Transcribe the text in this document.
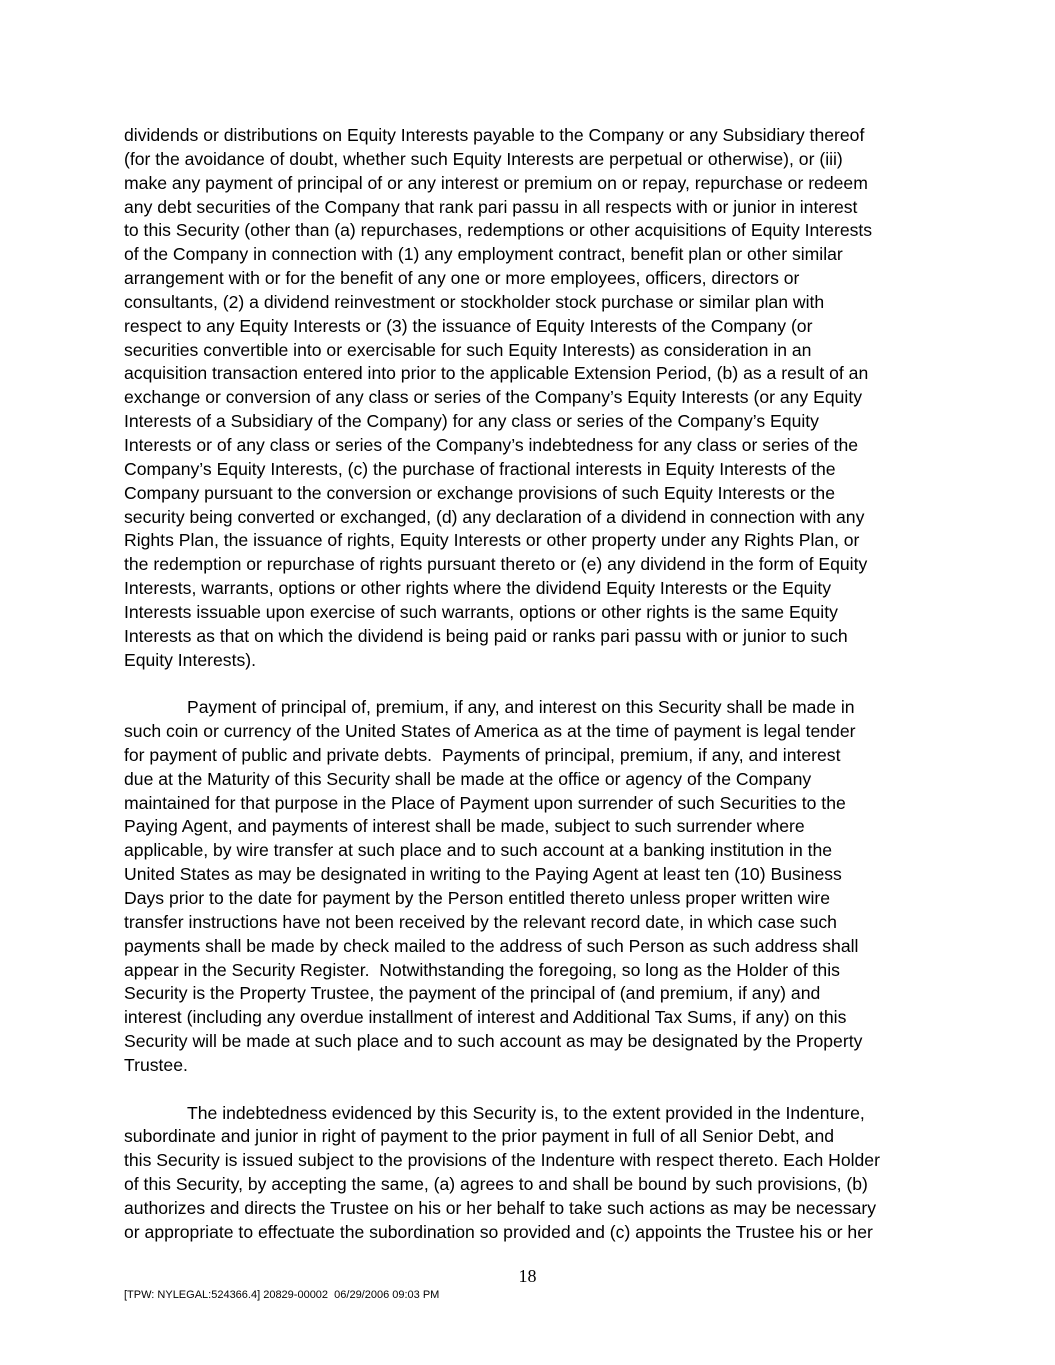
dividends or distributions on Equity Interests payable to the Company or any Subsidiary thereof
(for the avoidance of doubt, whether such Equity Interests are perpetual or otherwise), or (iii)
make any payment of principal of or any interest or premium on or repay, repurchase or redeem
any debt securities of the Company that rank pari passu in all respects with or junior in interest
to this Security (other than (a) repurchases, redemptions or other acquisitions of Equity Interests
of the Company in connection with (1) any employment contract, benefit plan or other similar
arrangement with or for the benefit of any one or more employees, officers, directors or
consultants, (2) a dividend reinvestment or stockholder stock purchase or similar plan with
respect to any Equity Interests or (3) the issuance of Equity Interests of the Company (or
securities convertible into or exercisable for such Equity Interests) as consideration in an
acquisition transaction entered into prior to the applicable Extension Period, (b) as a result of an
exchange or conversion of any class or series of the Company’s Equity Interests (or any Equity
Interests of a Subsidiary of the Company) for any class or series of the Company’s Equity
Interests or of any class or series of the Company’s indebtedness for any class or series of the
Company’s Equity Interests, (c) the purchase of fractional interests in Equity Interests of the
Company pursuant to the conversion or exchange provisions of such Equity Interests or the
security being converted or exchanged, (d) any declaration of a dividend in connection with any
Rights Plan, the issuance of rights, Equity Interests or other property under any Rights Plan, or
the redemption or repurchase of rights pursuant thereto or (e) any dividend in the form of Equity
Interests, warrants, options or other rights where the dividend Equity Interests or the Equity
Interests issuable upon exercise of such warrants, options or other rights is the same Equity
Interests as that on which the dividend is being paid or ranks pari passu with or junior to such
Equity Interests).

Payment of principal of, premium, if any, and interest on this Security shall be made in
such coin or currency of the United States of America as at the time of payment is legal tender
for payment of public and private debts.  Payments of principal, premium, if any, and interest
due at the Maturity of this Security shall be made at the office or agency of the Company
maintained for that purpose in the Place of Payment upon surrender of such Securities to the
Paying Agent, and payments of interest shall be made, subject to such surrender where
applicable, by wire transfer at such place and to such account at a banking institution in the
United States as may be designated in writing to the Paying Agent at least ten (10) Business
Days prior to the date for payment by the Person entitled thereto unless proper written wire
transfer instructions have not been received by the relevant record date, in which case such
payments shall be made by check mailed to the address of such Person as such address shall
appear in the Security Register.  Notwithstanding the foregoing, so long as the Holder of this
Security is the Property Trustee, the payment of the principal of (and premium, if any) and
interest (including any overdue installment of interest and Additional Tax Sums, if any) on this
Security will be made at such place and to such account as may be designated by the Property
Trustee.

The indebtedness evidenced by this Security is, to the extent provided in the Indenture,
subordinate and junior in right of payment to the prior payment in full of all Senior Debt, and
this Security is issued subject to the provisions of the Indenture with respect thereto. Each Holder
of this Security, by accepting the same, (a) agrees to and shall be bound by such provisions, (b)
authorizes and directs the Trustee on his or her behalf to take such actions as may be necessary
or appropriate to effectuate the subordination so provided and (c) appoints the Trustee his or her

18
[TPW: NYLEGAL:524366.4] 20829-00002  06/29/2006 09:03 PM
